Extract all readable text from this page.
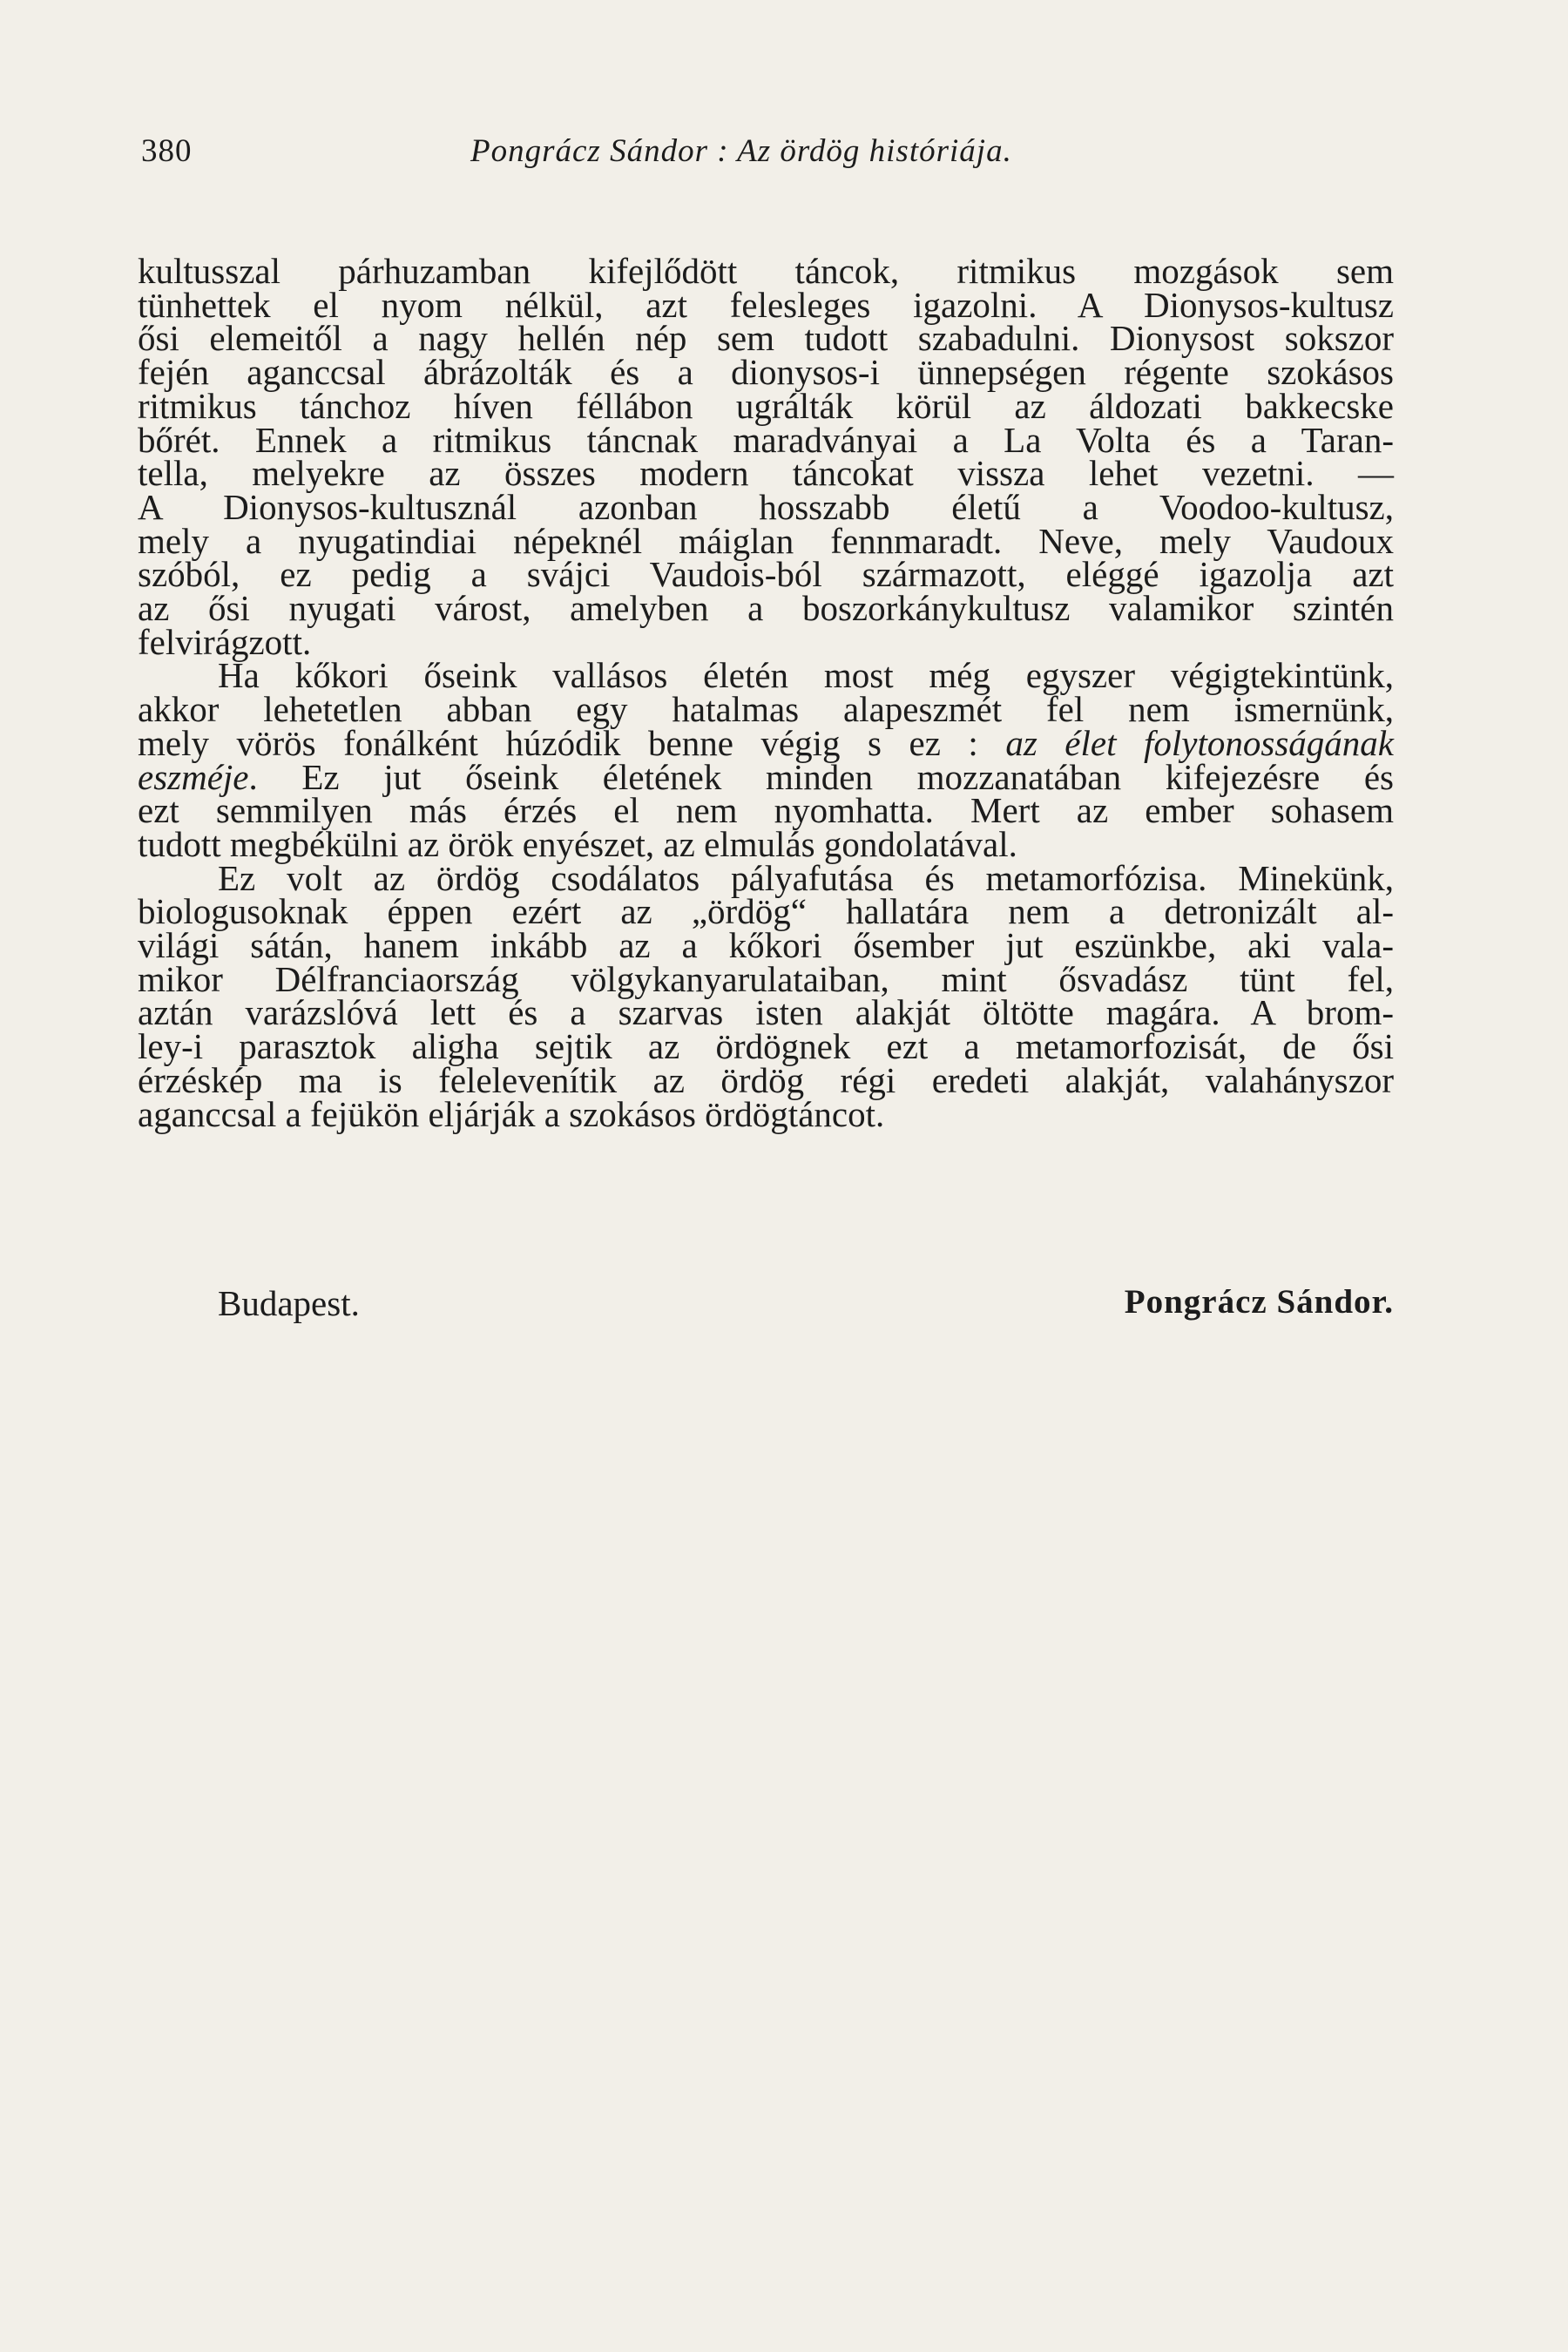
380	Pongrácz Sándor : Az ördög históriája.
kultusszal párhuzamban kifejlődött táncok, ritmikus mozgások sem
tünhettek el nyom nélkül, azt felesleges igazolni. A Dionysos-kultusz
ősi elemeitől a nagy hellén nép sem tudott szabadulni. Dionysost sokszor
fején aganccsal ábrázolták és a dionysos-i ünnepségen régente szokásos
ritmikus tánchoz híven féllábon ugrálták körül az áldozati bakkecske
bőrét. Ennek a ritmikus táncnak maradványai a La Volta és a Taran-
tella, melyekre az összes modern táncokat vissza lehet vezetni. —
A Dionysos-kultusznál azonban hosszabb életű a Voodoo-kultusz,
mely a nyugatindiai népeknél máiglan fennmaradt. Neve, mely Vaudoux
szóból, ez pedig a svájci Vaudois-ból származott, eléggé igazolja azt
az ősi nyugati várost, amelyben a boszorkánykultusz valamikor szintén
felvirágzott.
Ha kőkori őseink vallásos életén most még egyszer végigtekintünk,
akkor lehetetlen abban egy hatalmas alapeszmét fel nem ismernünk,
mely vörös fonálként húzódik benne végig s ez : az élet folytonosságának
eszméje. Ez jut őseink életének minden mozzanatában kifejezésre és
ezt semmilyen más érzés el nem nyomhatta. Mert az ember sohasem
tudott megbékülni az örök enyészet, az elmulás gondolatával.
Ez volt az ördög csodálatos pályafutása és metamorfózisa. Minekünk,
biologusoknak éppen ezért az „ördög“ hallatára nem a detronizált al-
világi sátán, hanem inkább az a kőkori ősember jut eszünkbe, aki vala-
mikor Délfranciaország völgykanyarulataiban, mint ősvadász tünt fel,
aztán varázslóvá lett és a szarvas isten alakját öltötte magára. A brom-
ley-i parasztok aligha sejtik az ördögnek ezt a metamorfozisát, de ősi
érzéskép ma is felelevenítik az ördög régi eredeti alakját, valahányszor
aganccsal a fejükön eljárják a szokásos ördögtáncot.
Budapest.	Pongrácz Sándor.
